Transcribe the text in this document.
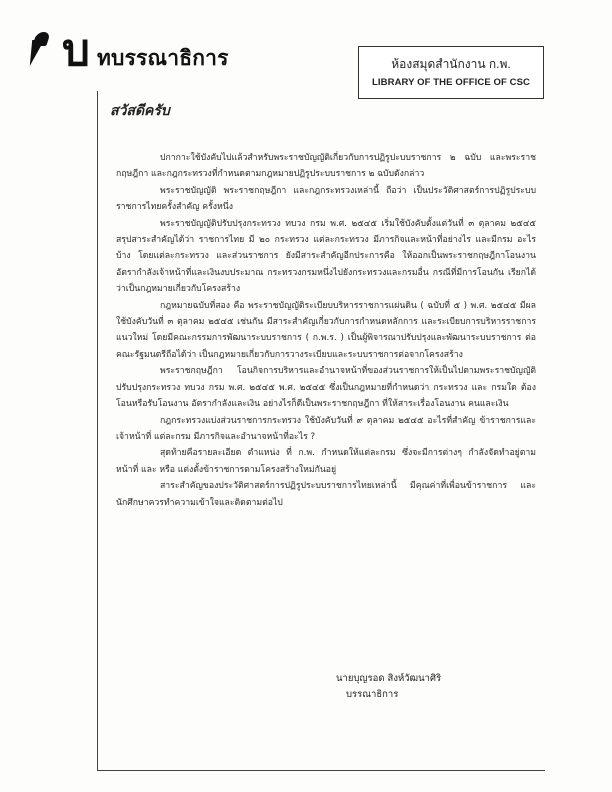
บ ทบรรณาธิการ	ห้องสมุดสำนักงาน ก.พ.
LIBRARY OF THE OFFICE OF CSC
สวัสดีครับ

ปกากาะใช้บังคับไปแล้วสำหรับพระราชบัญญัติเกี่ยวกับการปฏิรูปะบบราชการ ๒ ฉบับ และพระราชกฤษฎีกา และกฎกระทรวงที่กำหนดตามกฎหมายปฏิรูประบบราชการ ๒ ฉบับดังกล่าว

พระราชบัญญัติ พระราชกฤษฎีกา และกฎกระทรวงเหล่านี้ ถือว่า เป็นประวัติศาสตร์การปฏิรูประบบราชการไทยครั้งสำคัญ ครั้งหนึ่ง

พระราชบัญญัติปรับปรุงกระทรวง ทบวง กรม พ.ศ. ๒๕๔๕ เริ่มใช้บังคับตั้งแต่วันที่ ๓ ตุลาคม ๒๕๔๕ สรุปสาระสำคัญได้ว่า ราชการไทย มี ๒๐ กระทรวง แต่ละกระทรวง มีภารกิจและหน้าที่อย่างไร และมีกรม อะไรบ้าง โดยแต่ละกระทรวง และส่วนราชการ ยังมีสาระสำคัญอีกประการคือ ให้ออกเป็นพระราชกฤษฎีกาโอนงาน อัตรากำลังเจ้าหน้าที่และเงินงบประมาณ กระทรวงกรมหนึ่งไปยังกระทรวงและกรมอื่น กรณีที่มีการโอนกัน เรียกได้ว่าเป็นกฎหมายเกี่ยวกับโครงสร้าง

กฎหมายฉบับที่สอง คือ พระราชบัญญัติระเบียบบริหารราชการแผ่นดิน ( ฉบับที่ ๕ ) พ.ศ. ๒๕๔๕ มีผลใช้บังคับวันที่ ๓ ตุลาคม ๒๕๔๕ เช่นกัน มีสาระสำคัญเกี่ยวกับการกำหนดหลักการ และระเบียบการบริหารราชการแนวใหม่ โดยมีคณะกรรมการพัฒนาระบบราชการ ( ก.พ.ร. ) เป็นผู้พิจารณาปรับปรุงและพัฒนาระบบราชการ ต่อคณะรัฐมนตรีถือได้ว่า เป็นกฎหมายเกี่ยวกับการวางระเบียบและระบบราชการต่อจากโครงสร้าง

พระราชกฤษฎีกา โอนกิจการบริหารและอำนาจหน้าที่ของส่วนราชการให้เป็นไปตามพระราชบัญญัติปรับปรุงกระทรวง ทบวง กรม พ.ศ. ๒๕๔๕ พ.ศ. ๒๕๔๕ ซึ่งเป็นกฎหมายที่กำหนดว่า กระทรวง และ กรมใด ต้องโอนหรือรับโอนงาน อัตรากำลังและเงิน อย่างไรก็ดีเป็นพระราชกฤษฎีกา ที่ให้สาระเรื่องโอนงาน คนและเงิน

กฎกระทรวงแบ่งส่วนราชการกระทรวง ใช้บังคับวันที่ ๙ ตุลาคม ๒๕๔๕ อะไรที่สำคัญ ข้าราชการและเจ้าหน้าที่ แต่ละกรม มีภารกิจและอำนาจหน้าที่อะไร ?

สุดท้ายคือรายละเอียด ตำแหน่ง ที่ ก.พ. กำหนดให้แต่ละกรม ซึ่งจะมีการต่างๆ กำลังจัดทำอยู่ตามหน้าที่ และ หรือ แต่งตั้งข้าราชการตามโครงสร้างใหม่กันอยู่

สาระสำคัญของประวัติศาสตร์การปฏิรูประบบราชการไทยเหล่านี้ มีคุณค่าที่เพื่อนข้าราชการ และนักศึกษาควรทำความเข้าใจและติดตามต่อไป

นายบุญรอด สิงห์วัฒนาศิริ
บรรณาธิการ
